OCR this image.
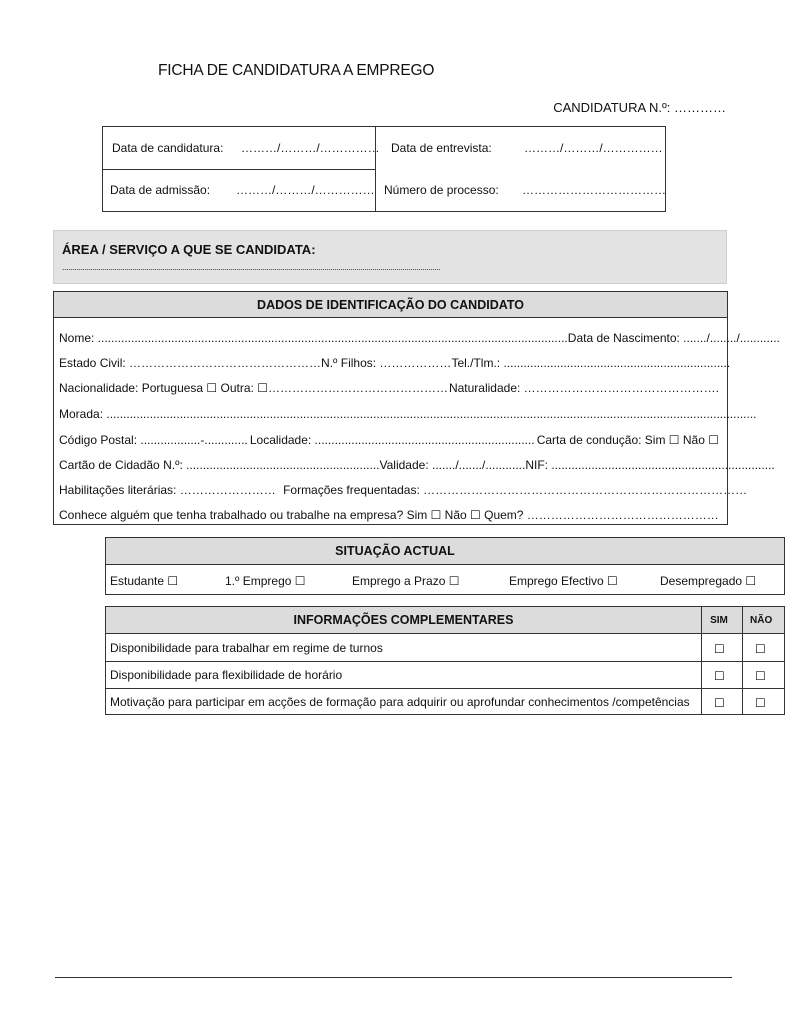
FICHA DE CANDIDATURA A EMPREGO
CANDIDATURA N.º: …………
Data de candidatura: ………/………/…………… Data de entrevista:	………/………/……………
Data de admissão: ………/………/…………… Número de processo: ………………………………
ÁREA / SERVIÇO A QUE SE CANDIDATA:
.............................................................................................................................................................................................
DADOS DE IDENTIFICAÇÃO DO CANDIDATO
Nome: ............................................................................................................................................. Data de Nascimento: ......./......../............
Estado Civil: ………………………………………… N.º Filhos: ……………… Tel./Tlm.: ....................................................................
Nacionalidade: Portuguesa ☐ Outra: ☐……………………………………… Naturalidade: ………………………………………….
Morada: ...................................................................................................................................................................................................
Código Postal: ..................-............. Localidade: .................................................................. Carta de condução: Sim ☐ Não ☐
Cartão de Cidadão N.º: .......................................................... Validade: ......./......./............ NIF: ...................................................................
Habilitações literárias: …………………… Formações frequentadas: ………………………………………………………………………
Conhece alguém que tenha trabalhado ou trabalhe na empresa? Sim ☐ Não ☐ Quem? …………………………………………
SITUAÇÃO ACTUAL
Estudante ☐	1.º Emprego ☐	Emprego a Prazo ☐	Emprego Efectivo ☐	Desempregado ☐
INFORMAÇÕES COMPLEMENTARES	SIM	NÃO
Disponibilidade para trabalhar em regime de turnos	☐	☐
Disponibilidade para flexibilidade de horário	☐	☐
Motivação para participar em acções de formação para adquirir ou aprofundar conhecimentos /competências ☐	☐
